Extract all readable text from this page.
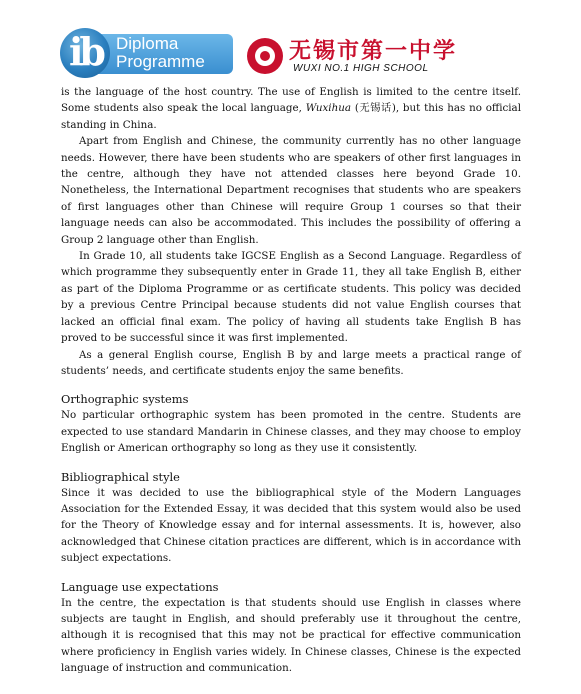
ib Diploma
Programme	无锡市第一中学
WUXI NO.1 HIGH SCHOOL

is the language of the host country. The use of English is limited to the centre itself. Some students also speak the local language, Wuxihua (无锡话), but this has no official standing in China.

Apart from English and Chinese, the community currently has no other language needs. However, there have been students who are speakers of other first languages in the centre, although they have not attended classes here beyond Grade 10. Nonetheless, the International Department recognises that students who are speakers of first languages other than Chinese will require Group 1 courses so that their language needs can also be accommodated. This includes the possibility of offering a Group 2 language other than English.

In Grade 10, all students take IGCSE English as a Second Language. Regardless of which programme they subsequently enter in Grade 11, they all take English B, either as part of the Diploma Programme or as certificate students. This policy was decided by a previous Centre Principal because students did not value English courses that lacked an official final exam. The policy of having all students take English B has proved to be successful since it was first implemented.

As a general English course, English B by and large meets a practical range of students’ needs, and certificate students enjoy the same benefits.

Orthographic systems

No particular orthographic system has been promoted in the centre. Students are expected to use standard Mandarin in Chinese classes, and they may choose to employ English or American orthography so long as they use it consistently.

Bibliographical style

Since it was decided to use the bibliographical style of the Modern Languages Association for the Extended Essay, it was decided that this system would also be used for the Theory of Knowledge essay and for internal assessments. It is, however, also acknowledged that Chinese citation practices are different, which is in accordance with subject expectations.

Language use expectations

In the centre, the expectation is that students should use English in classes where subjects are taught in English, and should preferably use it throughout the centre, although it is recognised that this may not be practical for effective communication where proficiency in English varies widely. In Chinese classes, Chinese is the expected language of instruction and communication.
